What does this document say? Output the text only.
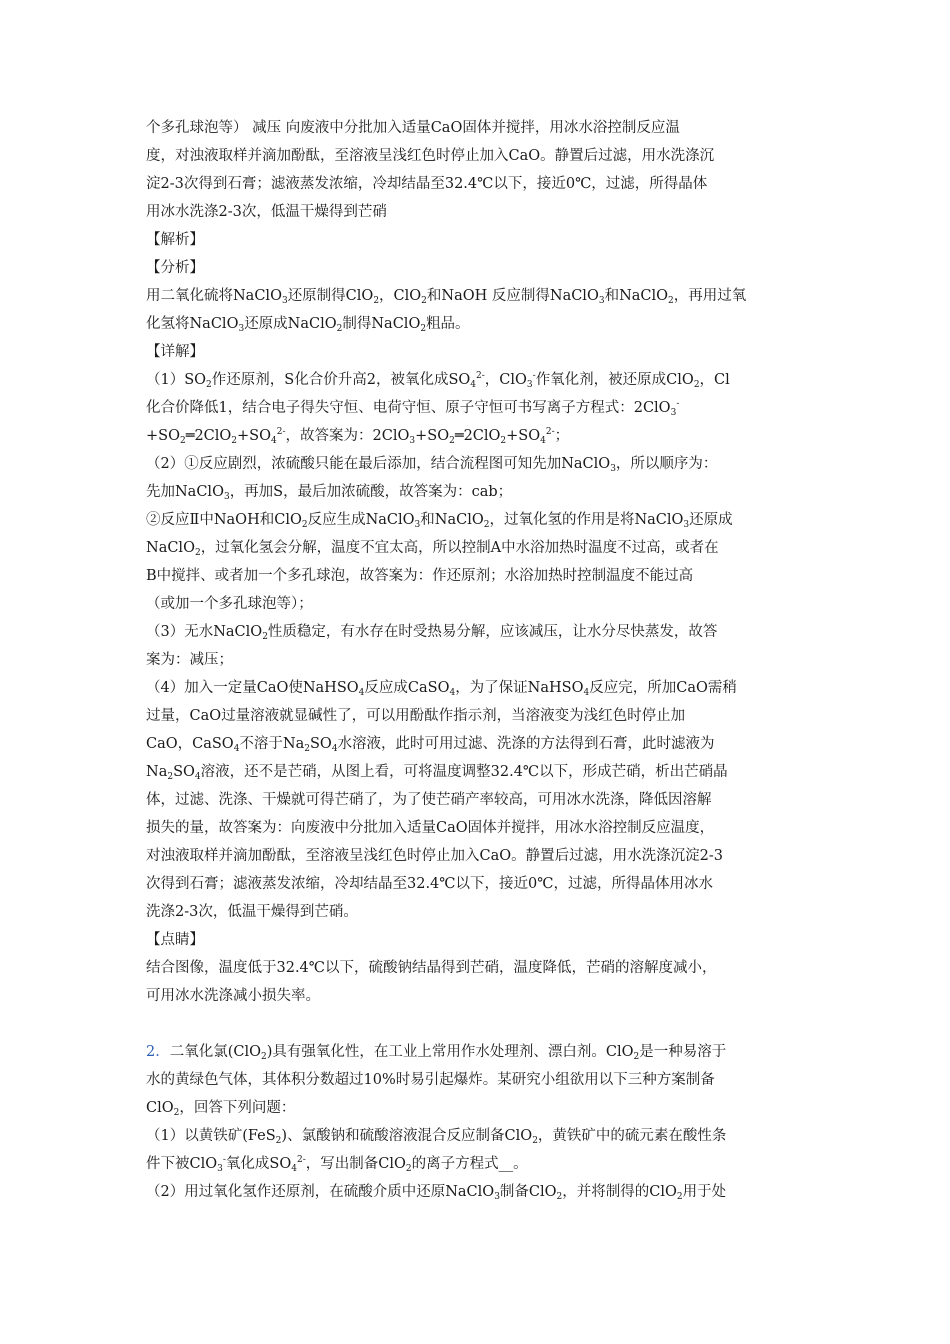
个多孔球泡等） 减压 向废液中分批加入适量CaO固体并搅拌，用冰水浴控制反应温
度，对浊液取样并滴加酚酞，至溶液呈浅红色时停止加入CaO。静置后过滤，用水洗涤沉
淀2-3次得到石膏；滤液蒸发浓缩，冷却结晶至32.4℃以下，接近0℃，过滤，所得晶体
用冰水洗涤2-3次，低温干燥得到芒硝
【解析】
【分析】
用二氧化硫将NaClO$_3$还原制得ClO$_2$，ClO$_2$和NaOH 反应制得NaClO$_3$和NaClO$_2$，再用过氧
化氢将NaClO$_3$还原成NaClO$_2$制得NaClO$_2$粗品。
【详解】
$(1)SO_2$作还原剂，S化合价升高2，被氧化成$SO_4^{2-}$，ClO$_3$-作氧化剂，被还原成ClO$_2$，Cl
化合价降低1，结合电子得失守恒、电荷守恒、原子守恒可书写离子方程式：2ClO$_3$-
$+SO_2═2ClO_2+SO_4^{2-}$，故答案为：$2ClO_3+SO_2═2ClO_2+SO_4^{2-}$；
（2）①反应剧烈，浓硫酸只能在最后添加，结合流程图可知先加NaClO$_3$，所以顺序为：
先加NaClO$_3$，再加S，最后加浓硫酸，故答案为：cab；
②反应Ⅱ中NaOH和ClO$_2$反应生成NaClO$_3$和NaClO$_2$，过氧化氢的作用是将NaClO$_3$还原成
NaClO$_2$，过氧化氢会分解，温度不宜太高，所以控制A中水浴加热时温度不过高，或者在
B中搅拌、或者加一个多孔球泡，故答案为：作还原剂；水浴加热时控制温度不能过高
（或加一个多孔球泡等）；
（3）无水NaClO$_2$性质稳定，有水存在时受热易分解，应该减压，让水分尽快蒸发，故答
案为：减压；
（4）加入一定量CaO使NaHSO$_4$反应成CaSO$_4$，为了保证NaHSO$_4$反应完，所加CaO需稍
过量，CaO过量溶液就显碱性了，可以用酚酞作指示剂，当溶液变为浅红色时停止加
CaO，CaSO$_4$不溶于$Na_2SO_4$水溶液，此时可用过滤、洗涤的方法得到石膏，此时滤液为
$Na_2SO_4$溶液，还不是芒硝，从图上看，可将温度调整32.4℃以下，形成芒硝，析出芒硝晶
体，过滤、洗涤、干燥就可得芒硝了，为了使芒硝产率较高，可用冰水洗涤，降低因溶解
损失的量，故答案为：向废液中分批加入适量CaO固体并搅拌，用冰水浴控制反应温度，
对浊液取样并滴加酚酞，至溶液呈浅红色时停止加入CaO。静置后过滤，用水洗涤沉淀2-3
次得到石膏；滤液蒸发浓缩，冷却结晶至32.4℃以下，接近0℃，过滤，所得晶体用冰水
洗涤2-3次，低温干燥得到芒硝。
【点睛】
结合图像，温度低于32.4℃以下，硫酸钠结晶得到芒硝，温度降低，芒硝的溶解度减小，
可用冰水洗涤减小损失率。
2．二氧化氯(ClO$_2$)具有强氧化性，在工业上常用作水处理剂、漂白剂。ClO$_2$是一种易溶于
水的黄绿色气体，其体积分数超过10%时易引起爆炸。某研究小组欲用以下三种方案制备
ClO$_2$，回答下列问题：
（1）以黄铁矿(FeS$_2$)、氯酸钠和硫酸溶液混合反应制备ClO$_2$，黄铁矿中的硫元素在酸性条
件下被ClO$_3$-氧化成$SO_4^{2-}$，写出制备ClO$_2$的离子方程式__。
（2）用过氧化氢作还原剂，在硫酸介质中还原NaClO$_3$制备ClO$_2$，并将制得的ClO$_2$用于处
